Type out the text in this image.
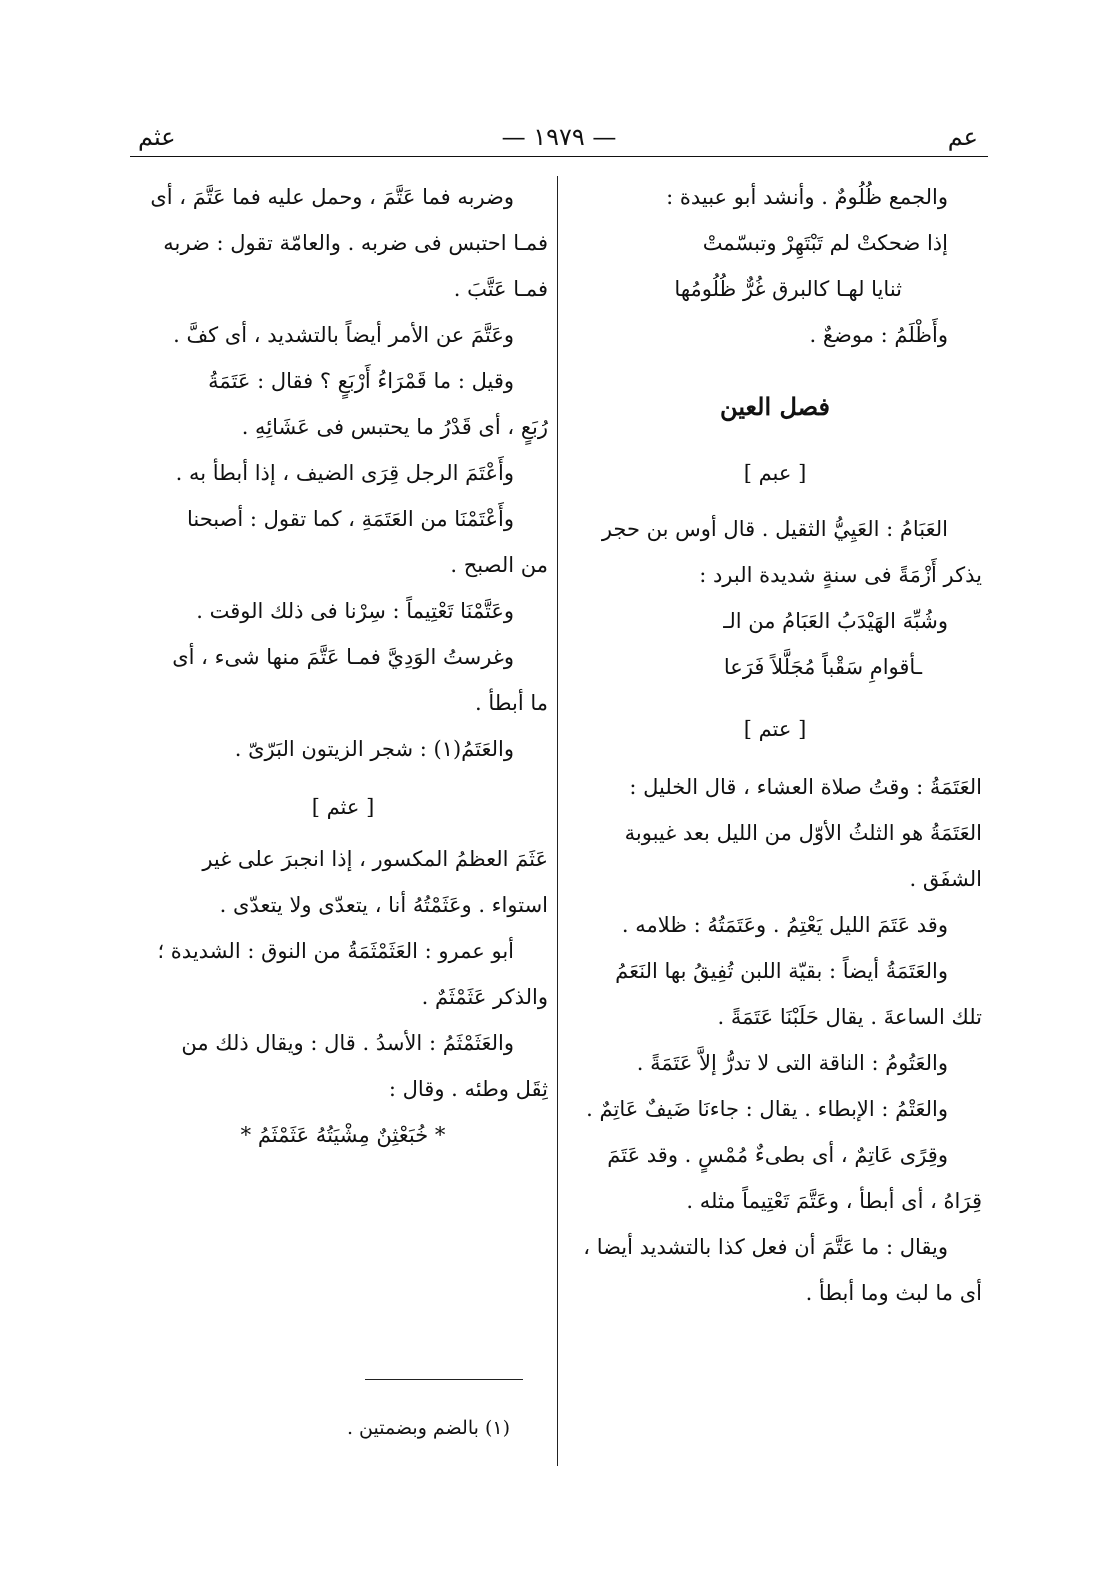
عم
— ١٩٧٩ —
عثم
والجمع ظُلُومٌ . وأنشد أبو عبيدة :
إذا ضحكتْ لم تَبْتَهِرْ وتبسّمتْ
ثنايا لهـا كالبرق غُرٌّ ظُلُومُها
وأَظْلَمُ : موضعٌ .
فصل العين
[ عبم ]
العَبَامُ : العَيِيُّ الثقيل . قال أوس بن حجر
يذكر أَزْمَةً فى سنةٍ شديدة البرد :
وشُبِّهَ الهَيْدَبُ العَبَامُ من الـ
ـأقوامِ سَقْباً مُجَلَّلاً فَرَعا
[ عتم ]
العَتَمَةُ : وقتُ صلاة العشاء ، قال الخليل :
العَتَمَةُ هو الثلثُ الأوّل من الليل بعد غيبوبة
الشفَق .
وقد عَتَمَ الليل يَعْتِمُ . وعَتَمَتُهُ : ظلامه .
والعَتَمَةُ أيضاً : بقيّة اللبن تُفِيقُ بها النَعَمُ
تلك الساعةَ . يقال حَلَبْنَا عَتَمَةً .
والعَتُومُ : الناقة التى لا تدرُّ إلاَّ عَتَمَةً .
والعَتْمُ : الإبطاء . يقال : جاءنَا ضَيفٌ عَاتِمٌ .
وقِرًى عَاتِمٌ ، أى بطىءٌ مُمْسٍ . وقد عَتَمَ
قِرَاهُ ، أى أبطأ ، وعَتَّمَ تَعْتِيماً مثله .
ويقال : ما عَتَّمَ أن فعل كذا بالتشديد أيضا ،
أى ما لبث وما أبطأ .
وضربه فما عَتَّمَ ، وحمل عليه فما عَتَّمَ ، أى
فمـا احتبس فى ضربه . والعامّة تقول : ضربه
فمـا عَتَّبَ .
وعَتَّمَ عن الأمر أيضاً بالتشديد ، أى كفَّ .
وقيل : ما قَمْرَاءُ أَرْبَعٍ ؟ فقال : عَتَمَةُ
رُبَعٍ ، أى قَدْرُ ما يحتبس فى عَشَائِهِ .
وأَعْتَمَ الرجل قِرَى الضيف ، إذا أبطأ به .
وأَعْتَمْنَا من العَتَمَةِ ، كما تقول : أصبحنا
من الصبح .
وعَتَّمْنَا تَعْتِيماً : سِرْنا فى ذلك الوقت .
وغرستُ الوَدِيَّ فمـا عَتَّمَ منها شىء ، أى
ما أبطأ .
والعَتَمُ(١) : شجر الزيتون البَرّىّ .
[ عثم ]
عَثَمَ العظمُ المكسور ، إذا انجبرَ على غير
استواء . وعَثَمْتُهُ أنا ، يتعدّى ولا يتعدّى .
أبو عمرو : العَثَمْثَمَةُ من النوق : الشديدة ؛
والذكر عَثَمْثَمٌ .
والعَثَمْثَمُ : الأسدُ . قال : ويقال ذلك من
ثِقَل وطئه . وقال :
* خُبَعْثِنٌ مِشْيَتُهُ عَثَمْثَمُ *
(١) بالضم وبضمتين .
